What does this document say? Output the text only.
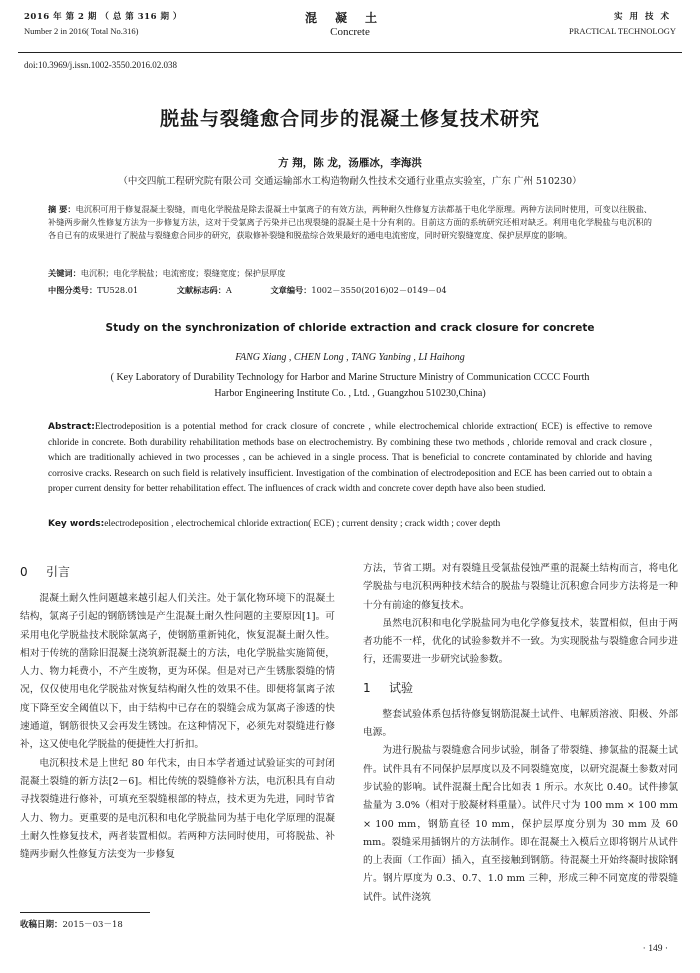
2016 年 第 2 期 （ 总 第 316 期 ）
Number 2 in 2016( Total No.316)
混凝土
Concrete
实用技术
PRACTICAL TECHNOLOGY
doi:10.3969/j.issn.1002-3550.2016.02.038
脱盐与裂缝愈合同步的混凝土修复技术研究
方 翔，陈 龙，汤雁冰，李海洪
（中交四航工程研究院有限公司 交通运输部水工构造物耐久性技术交通行业重点实验室，广东 广州 510230）
摘 要：电沉积可用于修复混凝土裂缝，而电化学脱盐是除去混凝土中氯离子的有效方法，两种耐久性修复方法都基于电化学原理。两种方法同时使用，可变以往脱盐、补缝两步耐久性修复方法为一步修复方法，这对于受氯离子污染并已出现裂缝的混凝土是十分有利的。目前这方面的系统研究还相对缺乏。利用电化学脱盐与电沉积的各自已有的成果进行了脱盐与裂缝愈合同步的研究，获取修补裂缝和脱盐综合效果最好的通电电流密度，同时研究裂缝宽度、保护层厚度的影响。
关键词：电沉积；电化学脱盐；电流密度；裂缝宽度；保护层厚度
中图分类号：TU528.01	文献标志码：A	文章编号：1002－3550(2016)02－0149－04
Study on the synchronization of chloride extraction and crack closure for concrete
FANG Xiang , CHEN Long , TANG Yanbing , LI Haihong
( Key Laboratory of Durability Technology for Harbor and Marine Structure Ministry of Communication CCCC Fourth
Harbor Engineering Institute Co. , Ltd. , Guangzhou 510230,China)
Abstract:Electrodeposition is a potential method for crack closure of concrete , while electrochemical chloride extraction( ECE) is effective to remove chloride in concrete. Both durability rehabilitation methods base on electrochemistry. By combining these two methods , chloride removal and crack closure , which are traditionally achieved in two processes , can be achieved in a single process. That is beneficial to concrete contaminated by chloride and having corrosive cracks. Research on such field is relatively insufficient. Investigation of the combination of electrodeposition and ECE has been carried out to obtain a proper current density for better rehabilitation effect. The influences of crack width and concrete cover depth have also been studied.
Key words:electrodeposition , electrochemical chloride extraction( ECE) ; current density ; crack width ; cover depth
0 引言

混凝土耐久性问题越来越引起人们关注。处于氯化物环境下的混凝土结构，氯离子引起的钢筋锈蚀是产生混凝土耐久性问题的主要原因[1]。可采用电化学脱盐技术脱除氯离子，使钢筋重新钝化，恢复混凝土耐久性。相对于传统的凿除旧混凝土浇筑新混凝土的方法，电化学脱盐实施简便，人力、物力耗费小，不产生废物，更为环保。但是对已产生锈胀裂缝的情况，仅仅使用电化学脱盐对恢复结构耐久性的效果不佳。即便将氯离子浓度下降至安全阈值以下，由于结构中已存在的裂缝会成为氯离子渗透的快速通道，钢筋很快又会再发生锈蚀。在这种情况下，必须先对裂缝进行修补，这又使电化学脱盐的便捷性大打折扣。

电沉积技术是上世纪 80 年代末，由日本学者通过试验证实的可封闭混凝土裂缝的新方法[2－6]。相比传统的裂缝修补方法，电沉积具有自动寻找裂缝进行修补，可填充至裂缝根部的特点，技术更为先进，同时节省人力、物力。更重要的是电沉积和电化学脱盐同为基于电化学原理的混凝土耐久性修复技术，两者装置相似。若两种方法同时使用，可将脱盐、补缝两步耐久性修复方法变为一步修复

方法，节省工期。对有裂缝且受氯盐侵蚀严重的混凝土结构而言，将电化学脱盐与电沉积两种技术结合的脱盐与裂缝让沉积愈合同步方法将是一种十分有前途的修复技术。

虽然电沉积和电化学脱盐同为电化学修复技术，装置相似，但由于两者功能不一样，优化的试验参数并不一致。为实现脱盐与裂缝愈合同步进行，还需要进一步研究试验参数。

1 试验

整套试验体系包括待修复钢筋混凝土试件、电解质溶液、阳极、外部电源。

为进行脱盐与裂缝愈合同步试验，制备了带裂缝、掺氯盐的混凝土试件。试件具有不同保护层厚度以及不同裂缝宽度，以研究混凝土参数对同步试验的影响。试件混凝土配合比如表 1 所示。水灰比 0.40。试件掺氯盐量为 3.0%（相对于胶凝材料重量）。试件尺寸为 100 mm × 100 mm × 100 mm，钢筋直径 10 mm，保护层厚度分别为 30 mm 及 60 mm。裂缝采用插钢片的方法制作。即在混凝土入模后立即将钢片从试件的上表面（工作面）插入，直至接触到钢筋。待混凝土开始终凝时拔除钢片。钢片厚度为 0.3、0.7、1.0 mm 三种，形成三种不同宽度的带裂缝试件。试件浇筑

收稿日期：2015－03－18
· 149 ·
